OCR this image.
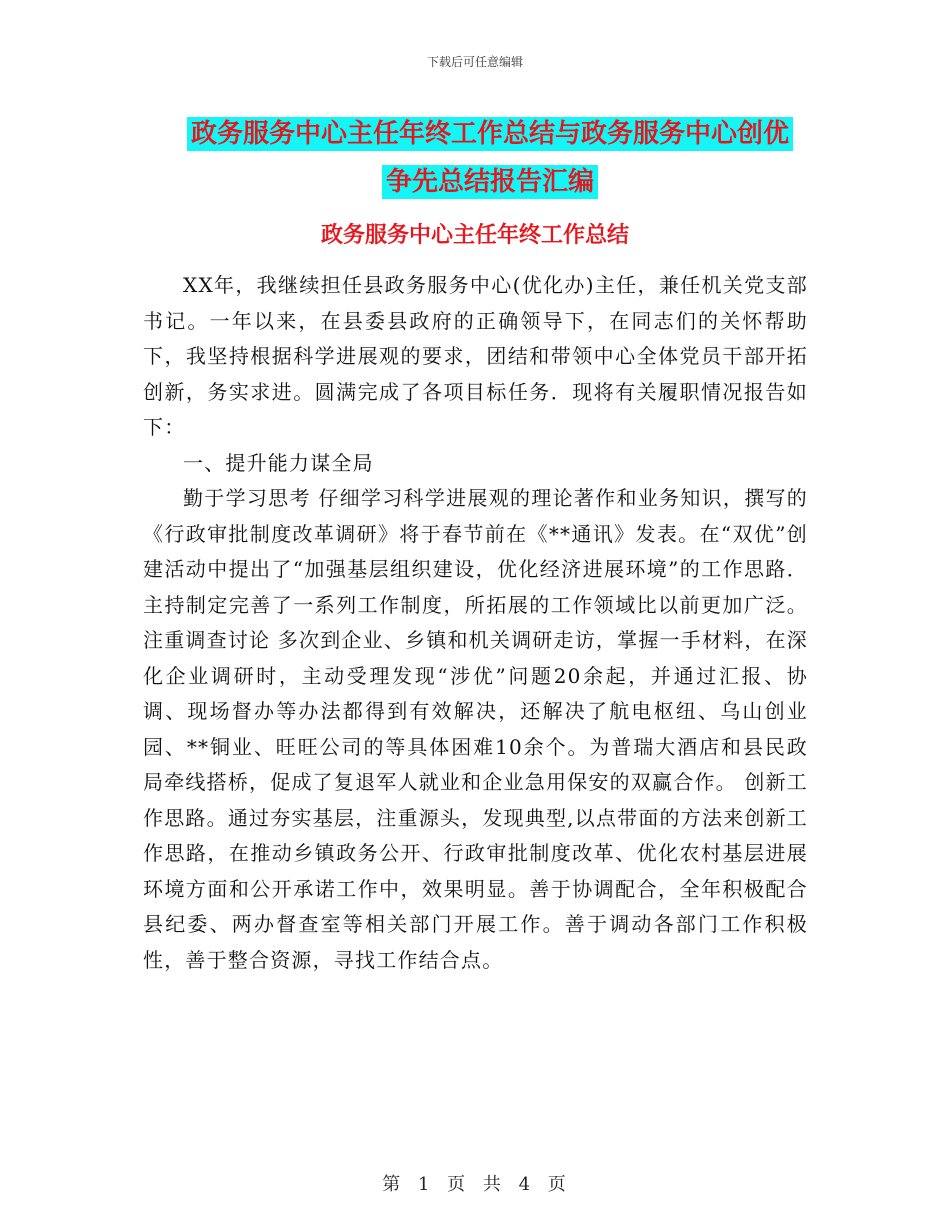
下载后可任意编辑
政务服务中心主任年终工作总结与政务服务中心创优
争先总结报告汇编
政务服务中心主任年终工作总结

XX年，我继续担任县政务服务中心(优化办)主任，兼任机关党支部书记。一年以来，在县委县政府的正确领导下，在同志们的关怀帮助下，我坚持根据科学进展观的要求，团结和带领中心全体党员干部开拓创新，务实求进。圆满完成了各项目标任务．现将有关履职情况报告如下：

一、提升能力谋全局

勤于学习思考 仔细学习科学进展观的理论著作和业务知识，撰写的《行政审批制度改革调研》将于春节前在《**通讯》发表。在“双优”创建活动中提出了“加强基层组织建设，优化经济进展环境”的工作思路．主持制定完善了一系列工作制度，所拓展的工作领域比以前更加广泛。注重调查讨论 多次到企业、乡镇和机关调研走访，掌握一手材料，在深化企业调研时，主动受理发现“涉优”问题20余起，并通过汇报、协调、现场督办等办法都得到有效解决，还解决了航电枢纽、乌山创业园、**铜业、旺旺公司的等具体困难10余个。为普瑞大酒店和县民政局牵线搭桥，促成了复退军人就业和企业急用保安的双赢合作。 创新工作思路。通过夯实基层，注重源头，发现典型,以点带面的方法来创新工作思路，在推动乡镇政务公开、行政审批制度改革、优化农村基层进展环境方面和公开承诺工作中，效果明显。善于协调配合，全年积极配合县纪委、两办督查室等相关部门开展工作。善于调动各部门工作积极性，善于整合资源，寻找工作结合点。

第 1 页 共 4 页
